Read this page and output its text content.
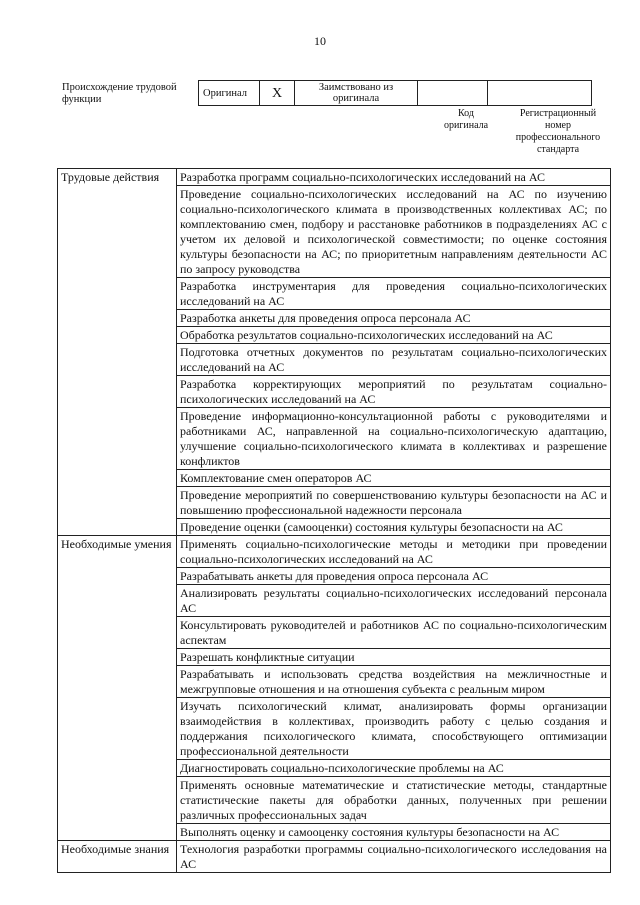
10
Происхождение трудовой функции
Оригинал	X	Заимствовано из оригинала		
Код оригинала
Регистрационный номер профессионального стандарта
Трудовые действия	Разработка программ социально-психологических исследований на АС
	Проведение социально-психологических исследований на АС по изучению социально-психологического климата в производственных коллективах АС; по комплектованию смен, подбору и расстановке работников в подразделениях АС с учетом их деловой и психологической совместимости; по оценке состояния культуры безопасности на АС; по приоритетным направлениям деятельности АС по запросу руководства
	Разработка инструментария для проведения социально-психологических исследований на АС
	Разработка анкеты для проведения опроса персонала АС
	Обработка результатов социально-психологических исследований на АС
	Подготовка отчетных документов по результатам социально-психологических исследований на АС
	Разработка корректирующих мероприятий по результатам социально-психологических исследований на АС
	Проведение информационно-консультационной работы с руководителями и работниками АС, направленной на социально-психологическую адаптацию, улучшение социально-психологического климата в коллективах и разрешение конфликтов
	Комплектование смен операторов АС
	Проведение мероприятий по совершенствованию культуры безопасности на АС и повышению профессиональной надежности персонала
	Проведение оценки (самооценки) состояния культуры безопасности на АС
Необходимые умения	Применять социально-психологические методы и методики при проведении социально-психологических исследований на АС
	Разрабатывать анкеты для проведения опроса персонала АС
	Анализировать результаты социально-психологических исследований персонала АС
	Консультировать руководителей и работников АС по социально-психологическим аспектам
	Разрешать конфликтные ситуации
	Разрабатывать и использовать средства воздействия на межличностные и межгрупповые отношения и на отношения субъекта с реальным миром
	Изучать психологический климат, анализировать формы организации взаимодействия в коллективах, производить работу с целью создания и поддержания психологического климата, способствующего оптимизации профессиональной деятельности
	Диагностировать социально-психологические проблемы на АС
	Применять основные математические и статистические методы, стандартные статистические пакеты для обработки данных, полученных при решении различных профессиональных задач
	Выполнять оценку и самооценку состояния культуры безопасности на АС
Необходимые знания	Технология разработки программы социально-психологического исследования на АС
